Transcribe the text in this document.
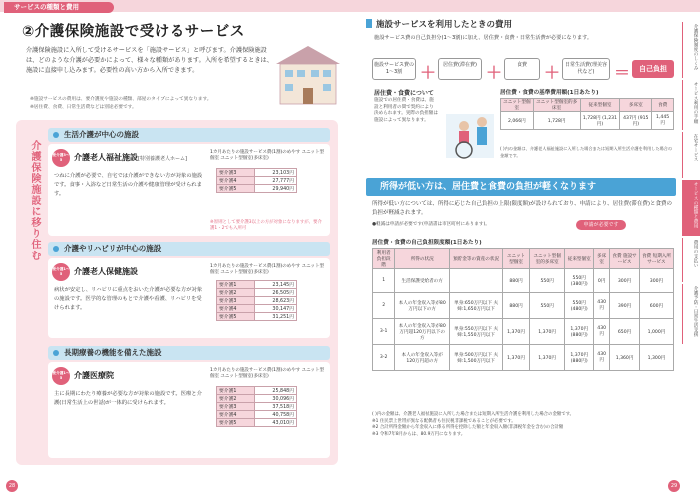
サービスの種類と費用
②介護保険施設で受けるサービス
介護保険施設に入所して受けるサービスを「施設サービス」と呼びます。介護保険施設は、どのような介護が必要かによって、様々な種類があります。入所を希望するときは、施設に直接申し込みます。必要性の高い方から入所できます。
※施設サービスの費用は、要介護度や施設の種類、部屋のタイプによって異なります。
※居住費、食費、日常生活費などは別途必要です。
介護保険施設に移り住む
生活介護が中心の施設
要介護3〜5	介護老人福祉施設[特別養護老人ホーム]
つねに介護が必要で、自宅では介護ができない方が対象の施設です。食事・入浴など日常生活の介護や健康管理が受けられます。
1カ月あたりの施設サービス費(1割)のめやす ユニット型個室 ユニット型個室(多床室)
要介護3	23,103円
要介護4	27,777円
要介護5	29,940円
※原則として要介護3以上の方が対象になりますが、要介護1・2でも入所可
介護やリハビリが中心の施設
要介護1〜5	介護老人保健施設
病状が安定し、リハビリに重点をおいた介護が必要な方が対象の施設です。医学的な管理のもとで介護や看護、リハビリを受けられます。
1カ月あたりの施設サービス費(1割)のめやす ユニット型個室 ユニット型個室(多床室)
要介護1	23,145円
要介護2	26,505円
要介護3	28,623円
要介護4	30,147円
要介護5	31,251円
長期療養の機能を備えた施設
要介護1〜5	介護医療院
主に長期にわたり療養が必要な方が対象の施設です。医療と介護(日常生活上の世話)が一体的に受けられます。
1カ月あたりの施設サービス費(1割)のめやす ユニット型個室 ユニット型個室(多床室)
要介護1	25,848円
要介護2	30,096円
要介護3	37,518円
要介護4	40,758円
要介護5	43,010円
28
施設サービスを利用したときの費用
施設サービス費の自己負担分(1〜3割)に加え、居住費・食費・日常生活費が必要になります。
施設サービス費の1〜3割	＋	居住費(滞在費) ＋	食費	＋	日常生活費(理美容代など)	＝	自己負担
居住費・食費について
施設での居住費・食費は、施設と利用者の間で契約により決められます。実際の負担額は施設によって異なります。
居住費・食費の基準費用額(1日あたり)
ユニット型個室	ユニット型個室的多床室	従来型個室	多床室	食費
2,066円	1,728円	1,728円 (1,231円)	437円 (915円)	1,445円
( )内の金額は、介護老人福祉施設に入所した場合または短期入所生活介護を利用した場合の金額です。
所得が低い方は、居住費と食費の負担が軽くなります
所得が低い方については、所得に応じた自己負担の上限(限度額)が設けられており、申請により、居住費(滞在費)と食費の負担が軽減されます。
●軽減は申請が必要です(申請書は市区町村にあります)。	申請が必要です
居住費・食費の自己負担限度額(1日あたり)
利用者負担段階	所得の状況	預貯金等の資産の状況	ユニット型個室	ユニット型個室的多床室	従来型個室	多床室	食費 施設サービス	食費 短期入所サービス
1	生活保護受給者の方		880円	550円	550円 (380円)	0円	300円	300円
2	本人の年金収入等が80万円以下の方	単身:650万円以下 夫婦:1,650万円以下	880円	550円	550円 (480円)	430円	390円	600円
3-1	本人の年金収入等が80万円超120万円以下の方	単身:550万円以下 夫婦:1,550万円以下	1,370円	1,370円	1,370円 (880円)	430円	650円	1,000円
3-2	本人の年金収入等が120万円超の方	単身:500万円以下 夫婦:1,500万円以下	1,370円	1,370円	1,370円 (880円)	430円	1,360円	1,300円
( )内の金額は、介護老人福祉施設に入所した場合または短期入所生活介護を利用した場合の金額です。
※1 住民票上世帯が異なる配偶者も住民税非課税であることが必要です。
※2 合計所得金額から年金収入に係る所得を控除した額と年金収入額(非課税年金を含む)の合計額
※3 令和7年8月からは、80.9万円になります。
29
介護保険制度のしくみ
サービス利用の手順
在宅サービス
サービスの種類と費用
費用の支払い
介護予防・日常生活支援
